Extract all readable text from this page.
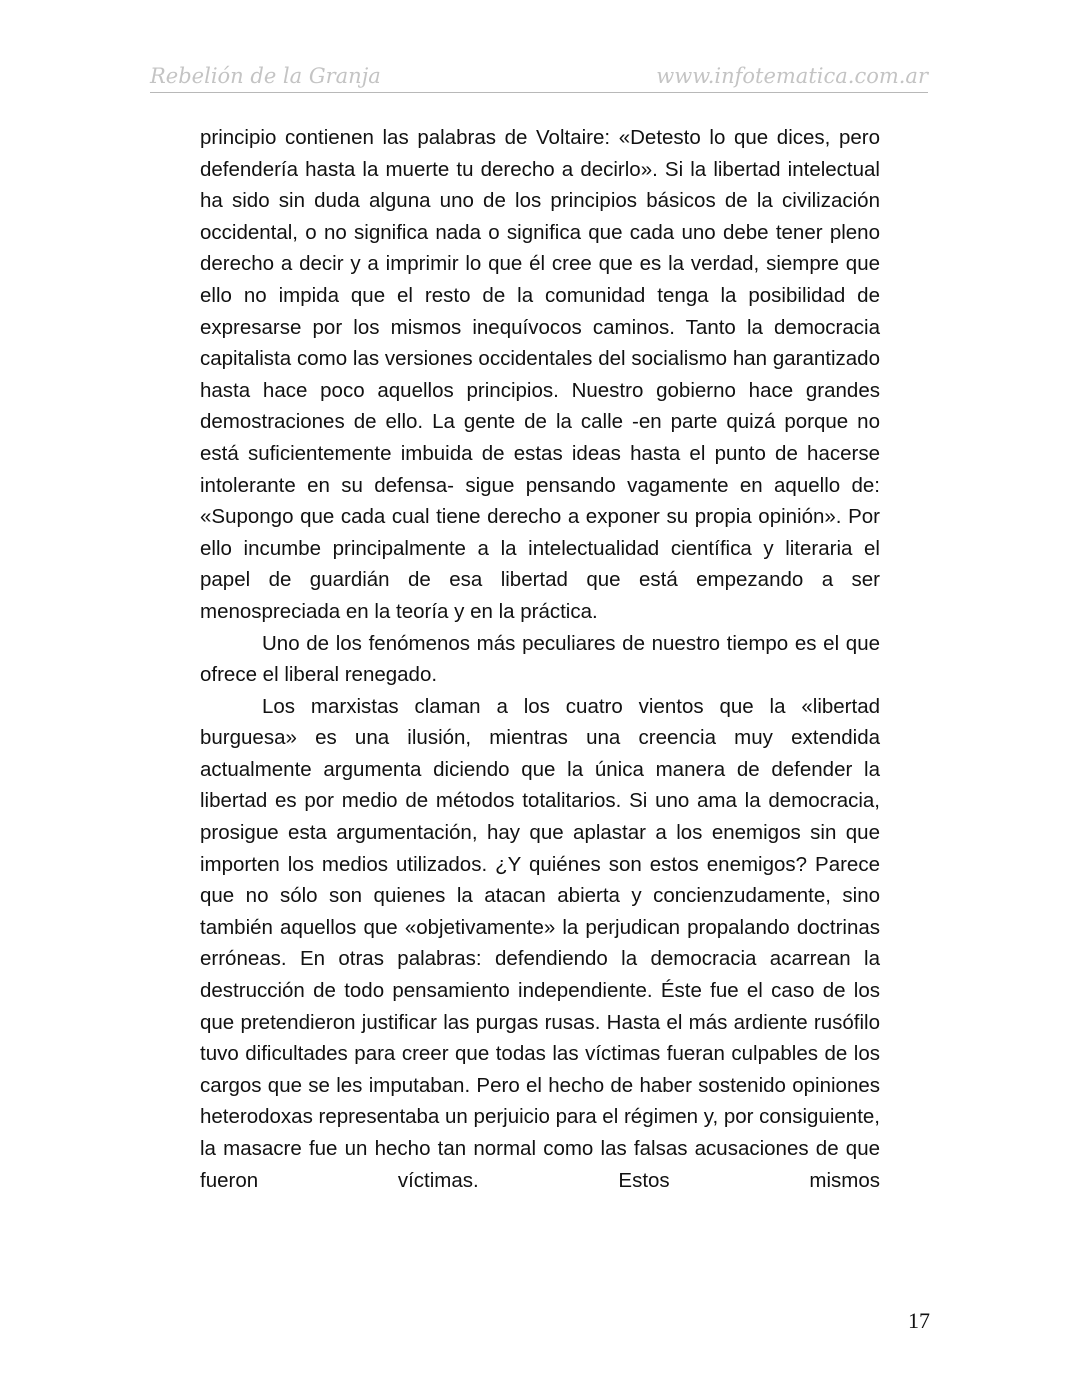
Rebelión de la Granja	www.infotematica.com.ar

principio contienen las palabras de Voltaire: «Detesto lo que dices, pero defendería hasta la muerte tu derecho a decirlo». Si la libertad intelectual ha sido sin duda alguna uno de los principios básicos de la civilización occidental, o no significa nada o significa que cada uno debe tener pleno derecho a decir y a imprimir lo que él cree que es la verdad, siempre que ello no impida que el resto de la comunidad tenga la posibilidad de expresarse por los mismos inequívocos caminos. Tanto la democracia capitalista como las versiones occidentales del socialismo han garantizado hasta hace poco aquellos principios. Nuestro gobierno hace grandes demostraciones de ello. La gente de la calle -en parte quizá porque no está suficientemente imbuida de estas ideas hasta el punto de hacerse intolerante en su defensa- sigue pensando vagamente en aquello de: «Supongo que cada cual tiene derecho a exponer su propia opinión». Por ello incumbe principalmente a la intelectualidad científica y literaria el papel de guardián de esa libertad que está empezando a ser menospreciada en la teoría y en la práctica.

Uno de los fenómenos más peculiares de nuestro tiempo es el que ofrece el liberal renegado.

Los marxistas claman a los cuatro vientos que la «libertad burguesa» es una ilusión, mientras una creencia muy extendida actualmente argumenta diciendo que la única manera de defender la libertad es por medio de métodos totalitarios. Si uno ama la democracia, prosigue esta argumentación, hay que aplastar a los enemigos sin que importen los medios utilizados. ¿Y quiénes son estos enemigos? Parece que no sólo son quienes la atacan abierta y concienzudamente, sino también aquellos que «objetivamente» la perjudican propalando doctrinas erróneas. En otras palabras: defendiendo la democracia acarrean la destrucción de todo pensamiento independiente. Éste fue el caso de los que pretendieron justificar las purgas rusas. Hasta el más ardiente rusófilo tuvo dificultades para creer que todas las víctimas fueran culpables de los cargos que se les imputaban. Pero el hecho de haber sostenido opiniones heterodoxas representaba un perjuicio para el régimen y, por consiguiente, la masacre fue un hecho tan normal como las falsas acusaciones de que fueron víctimas. Estos mismos

17
